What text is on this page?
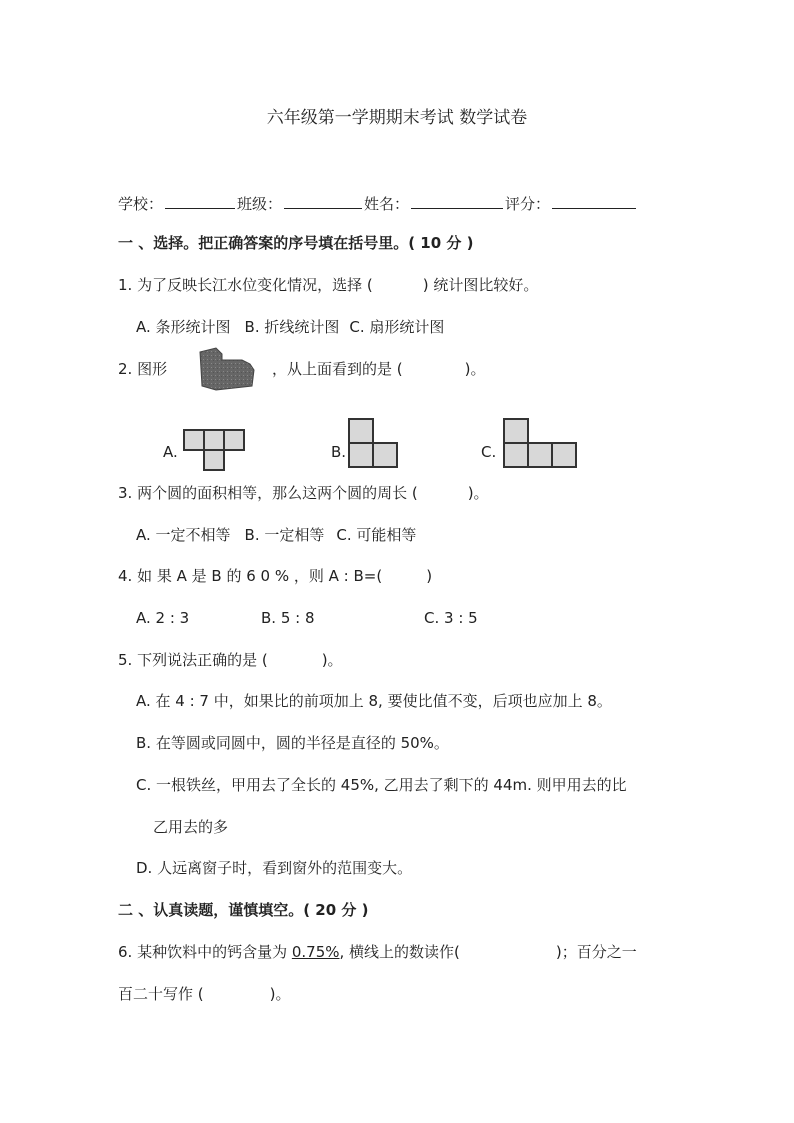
六年级第一学期期末考试 数学试卷
学校：	班级：	姓名：	评分：
一 、选择。把正确答案的序号填在括号里。( 10 分 )
1. 为了反映长江水位变化情况，选择 (	) 统计图比较好。
A. 条形统计图 B. 折线统计图 C. 扇形统计图
2. 图形	，从上面看到的是 (	)。
A.	B.	C.
3. 两个圆的面积相等，那么这两个圆的周长 (	)。
A. 一定不相等 B. 一定相等 C. 可能相等
4. 如 果 A 是 B 的 6 0 % ，则 A : B=(	)
A. 2 : 3	B. 5 : 8	C. 3 : 5
5. 下列说法正确的是 (	)。
A. 在 4 : 7 中，如果比的前项加上 8, 要使比值不变，后项也应加上 8。
B. 在等圆或同圆中，圆的半径是直径的 50%。
C. 一根铁丝，甲用去了全长的 45%, 乙用去了剩下的 44m. 则甲用去的比
乙用去的多
D. 人远离窗子时，看到窗外的范围变大。
二 、认真读题，谨慎填空。( 20 分 )
6. 某种饮料中的钙含量为 0.75%, 横线上的数读作(	)；百分之一
百二十写作 (	)。
